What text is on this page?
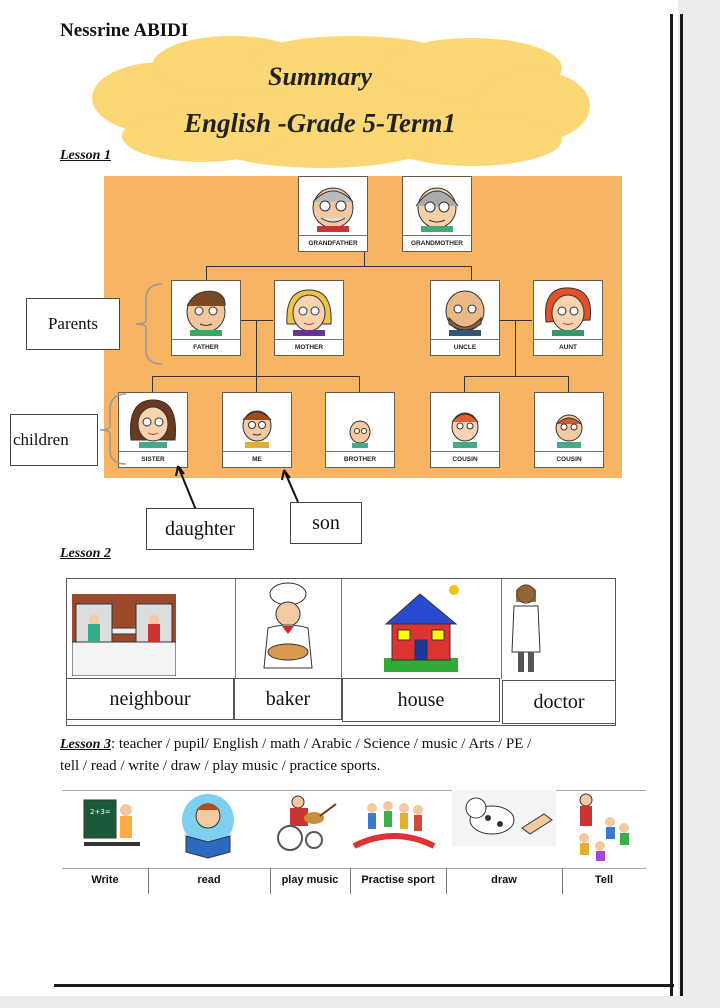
Nessrine ABIDI
Summary
English -Grade 5-Term1
Lesson 1
GRANDFATHER	GRANDMOTHER
FATHER	MOTHER	UNCLE	AUNT
SISTER	ME	BROTHER	COUSIN	COUSIN
Parents
children
daughter	son
Lesson 2
neighbour	baker	house	doctor
Lesson 3: teacher / pupil/ English / math / Arabic / Science / music / Arts / PE /
tell / read / write / draw / play music / practice sports.
2+3=
Write	read	play music	Practise sport	draw	Tell
